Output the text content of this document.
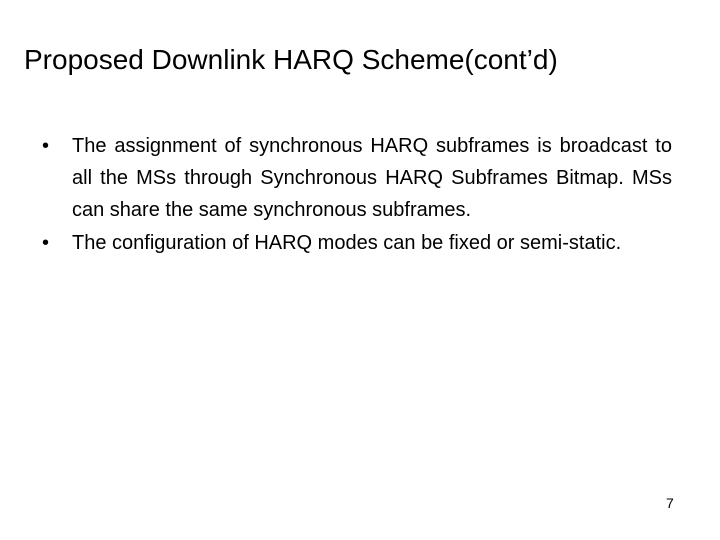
Proposed Downlink HARQ Scheme(cont’d)
•	The assignment of synchronous HARQ subframes is broadcast to all the MSs through Synchronous HARQ Subframes Bitmap. MSs can share the same synchronous subframes.
•	The configuration of HARQ modes can be fixed or semi-static.
7
